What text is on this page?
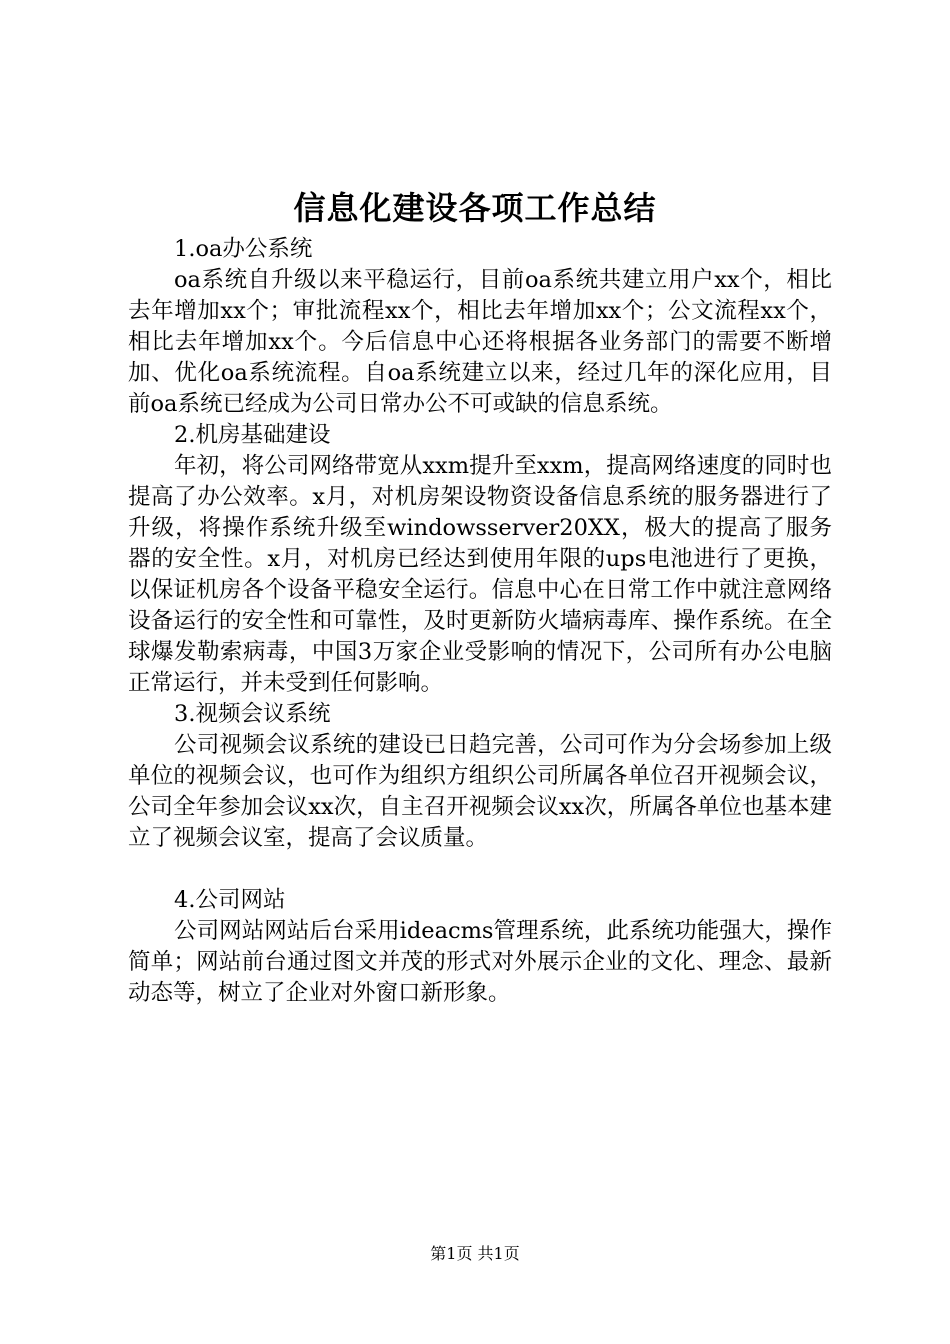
信息化建设各项工作总结

1.oa办公系统

oa系统自升级以来平稳运行，目前oa系统共建立用户xx个，相比去年增加xx个；审批流程xx个，相比去年增加xx个；公文流程xx个，相比去年增加xx个。今后信息中心还将根据各业务部门的需要不断增加、优化oa系统流程。自oa系统建立以来，经过几年的深化应用，目前oa系统已经成为公司日常办公不可或缺的信息系统。

2.机房基础建设

年初，将公司网络带宽从xxm提升至xxm，提高网络速度的同时也提高了办公效率。x月，对机房架设物资设备信息系统的服务器进行了升级，将操作系统升级至windowsserver20XX，极大的提高了服务器的安全性。x月，对机房已经达到使用年限的ups电池进行了更换，以保证机房各个设备平稳安全运行。信息中心在日常工作中就注意网络设备运行的安全性和可靠性，及时更新防火墙病毒库、操作系统。在全球爆发勒索病毒，中国3万家企业受影响的情况下，公司所有办公电脑正常运行，并未受到任何影响。

3.视频会议系统

公司视频会议系统的建设已日趋完善，公司可作为分会场参加上级单位的视频会议，也可作为组织方组织公司所属各单位召开视频会议，公司全年参加会议xx次，自主召开视频会议xx次，所属各单位也基本建立了视频会议室，提高了会议质量。

4.公司网站

公司网站网站后台采用ideacms管理系统，此系统功能强大，操作简单；网站前台通过图文并茂的形式对外展示企业的文化、理念、最新动态等，树立了企业对外窗口新形象。

第1页 共1页
